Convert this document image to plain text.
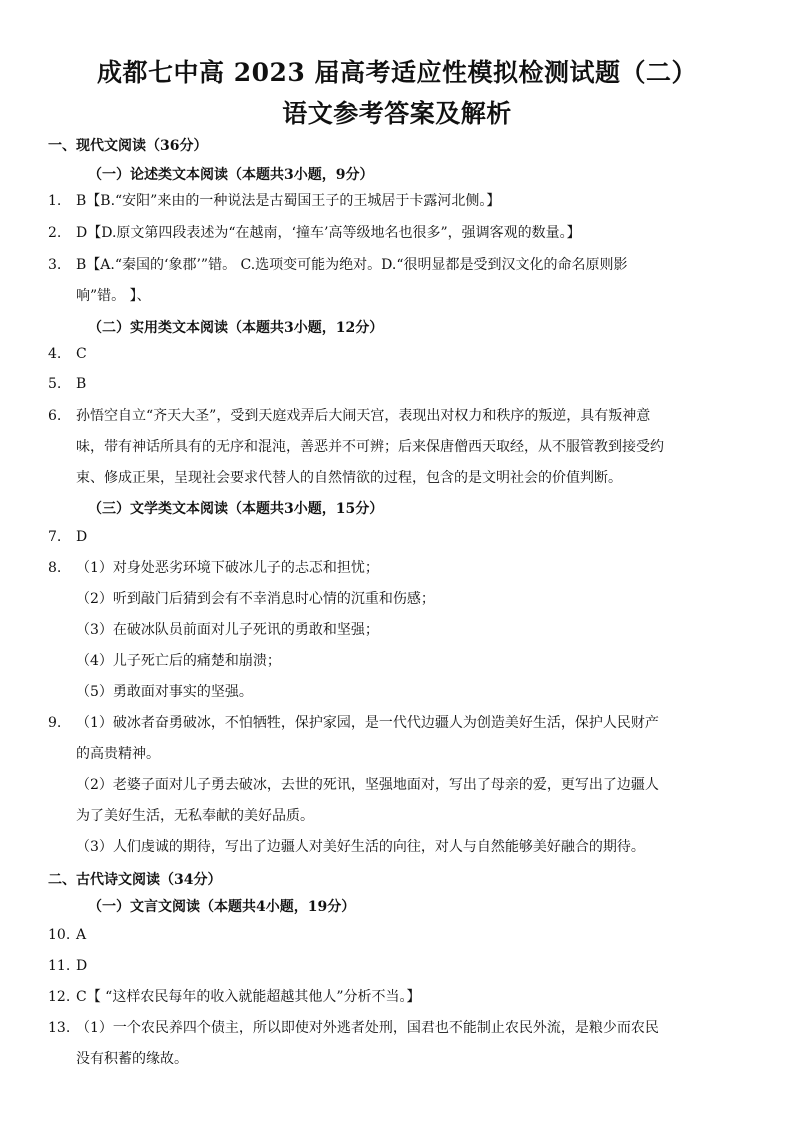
成都七中高 2023 届高考适应性模拟检测试题（二）
语文参考答案及解析
一、现代文阅读（36分）
（一）论述类文本阅读（本题共3小题，9分）
1. B【B.“安阳”来由的一种说法是古蜀国王子的王城居于卡露河北侧。】
2. D【D.原文第四段表述为“在越南，‘撞车’高等级地名也很多”，强调客观的数量。】
3. B【A.“秦国的‘象郡’”错。 C.选项变可能为绝对。D.“很明显都是受到汉文化的命名原则影
响”错。 】、
（二）实用类文本阅读（本题共3小题，12分）
4. C
5. B
6. 孙悟空自立“齐天大圣”，受到天庭戏弄后大闹天宫，表现出对权力和秩序的叛逆，具有叛神意
味，带有神话所具有的无序和混沌，善恶并不可辨；后来保唐僧西天取经，从不服管教到接受约
束、修成正果，呈现社会要求代替人的自然情欲的过程，包含的是文明社会的价值判断。
（三）文学类文本阅读（本题共3小题，15分）
7. D
8. （1）对身处恶劣环境下破冰儿子的忐忑和担忧；
（2）听到敲门后猜到会有不幸消息时心情的沉重和伤感；
（3）在破冰队员前面对儿子死讯的勇敢和坚强；
（4）儿子死亡后的痛楚和崩溃；
（5）勇敢面对事实的坚强。
9. （1）破冰者奋勇破冰，不怕牺牲，保护家园，是一代代边疆人为创造美好生活，保护人民财产
的高贵精神。
（2）老婆子面对儿子勇去破冰，去世的死讯，坚强地面对，写出了母亲的爱，更写出了边疆人
为了美好生活，无私奉献的美好品质。
（3）人们虔诚的期待，写出了边疆人对美好生活的向往，对人与自然能够美好融合的期待。
二、古代诗文阅读（34分）
（一）文言文阅读（本题共4小题，19分）
10. A
11. D
12. C【 “这样农民每年的收入就能超越其他人”分析不当。】
13. （1）一个农民养四个债主，所以即使对外逃者处刑，国君也不能制止农民外流，是粮少而农民
没有积蓄的缘故。
